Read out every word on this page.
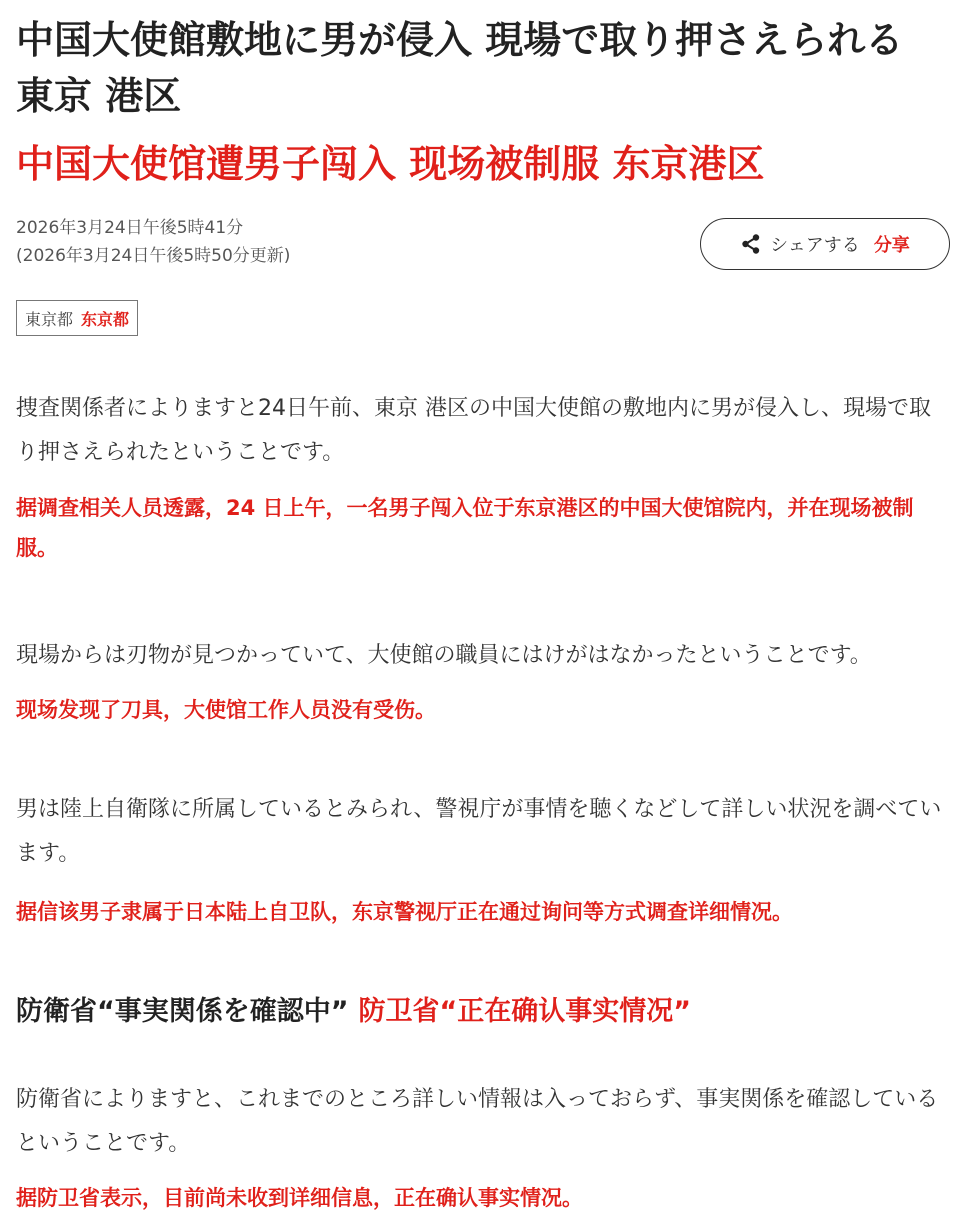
中国大使館敷地に男が侵入 現場で取り押さえられる 東京 港区
中国大使馆遭男子闯入 现场被制服 东京港区
2026年3月24日午後5時41分
(2026年3月24日午後5時50分更新)	シェアする 分享
東京都 东京都

捜査関係者によりますと24日午前、東京 港区の中国大使館の敷地内に男が侵入し、現場で取り押さえられたということです。

据调查相关人员透露，24 日上午，一名男子闯入位于东京港区的中国大使馆院内，并在现场被制服。

現場からは刃物が見つかっていて、大使館の職員にはけがはなかったということです。

现场发现了刀具，大使馆工作人员没有受伤。

男は陸上自衛隊に所属しているとみられ、警視庁が事情を聴くなどして詳しい状況を調べています。

据信该男子隶属于日本陆上自卫队，东京警视厅正在通过询问等方式调查详细情况。

防衛省“事実関係を確認中” 防卫省“正在确认事实情况”

防衛省によりますと、これまでのところ詳しい情報は入っておらず、事実関係を確認しているということです。

据防卫省表示，目前尚未收到详细信息，正在确认事实情况。
